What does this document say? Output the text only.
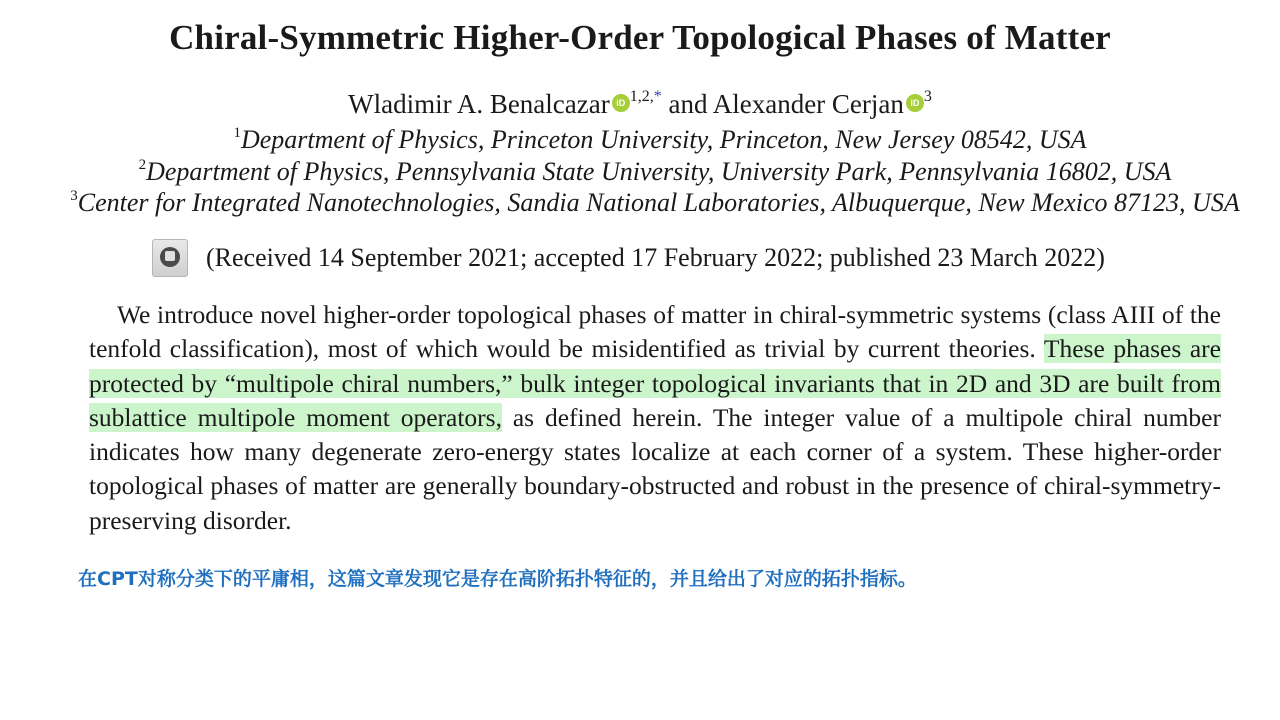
Chiral-Symmetric Higher-Order Topological Phases of Matter
Wladimir A. Benalcazar iD $^{1,2,*}$ and Alexander Cerjan iD $^3$
$^1$Department of Physics, Princeton University, Princeton, New Jersey 08542, USA
$^2$Department of Physics, Pennsylvania State University, University Park, Pennsylvania 16802, USA
$^3$Center for Integrated Nanotechnologies, Sandia National Laboratories, Albuquerque, New Mexico 87123, USA
(Received 14 September 2021; accepted 17 February 2022; published 23 March 2022)
We introduce novel higher-order topological phases of matter in chiral-symmetric systems (class AIII of the tenfold classification), most of which would be misidentified as trivial by current theories. These phases are protected by “multipole chiral numbers,” bulk integer topological invariants that in 2D and 3D are built from sublattice multipole moment operators, as defined herein. The integer value of a multipole chiral number indicates how many degenerate zero-energy states localize at each corner of a system. These higher-order topological phases of matter are generally boundary-obstructed and robust in the presence of chiral-symmetry-preserving disorder.
在CPT对称分类下的平庸相，这篇文章发现它是存在高阶拓扑特征的，并且给出了对应的拓扑指标。
